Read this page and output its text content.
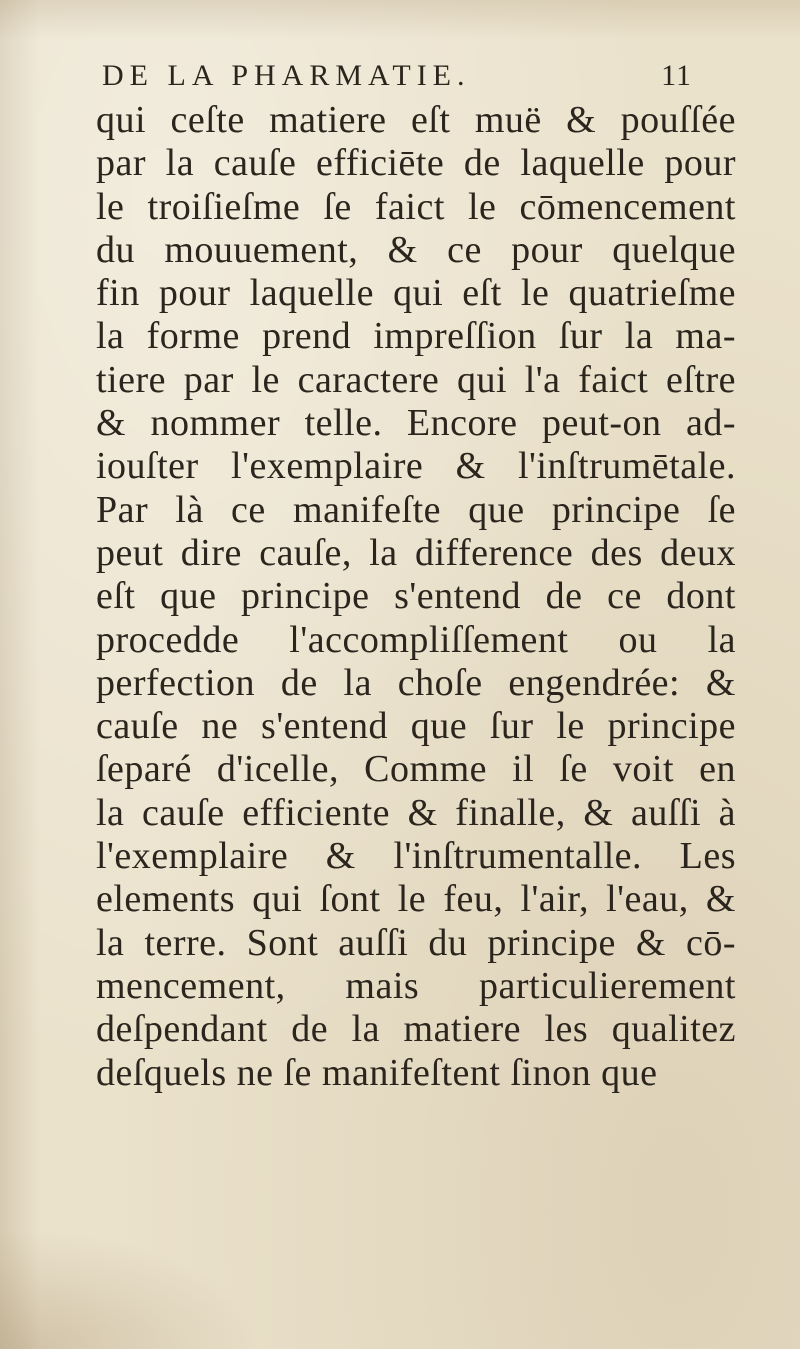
DE LA PHARMATIE.	11
qui ceſte matiere eſt muë & pouſſée
par la cauſe efficiēte de laquelle pour
le troiſieſme ſe faict le cōmencement
du mouuement, & ce pour quelque
fin pour laquelle qui eſt le quatrieſme
la forme prend impreſſion ſur la ma-
tiere par le caractere qui l'a faict eſtre
& nommer telle. Encore peut-on ad-
iouſter l'exemplaire & l'inſtrumētale.
Par là ce manifeſte que principe ſe
peut dire cauſe, la difference des deux
eſt que principe s'entend de ce dont
procedde l'accompliſſement ou la
perfection de la choſe engendrée: &
cauſe ne s'entend que ſur le principe
ſeparé d'icelle, Comme il ſe voit en
la cauſe efficiente & finalle, & auſſi à
l'exemplaire & l'inſtrumentalle. Les
elements qui ſont le feu, l'air, l'eau, &
la terre. Sont auſſi du principe & cō-
mencement, mais particulierement
deſpendant de la matiere les qualitez
deſquels ne ſe manifeſtent ſinon que
